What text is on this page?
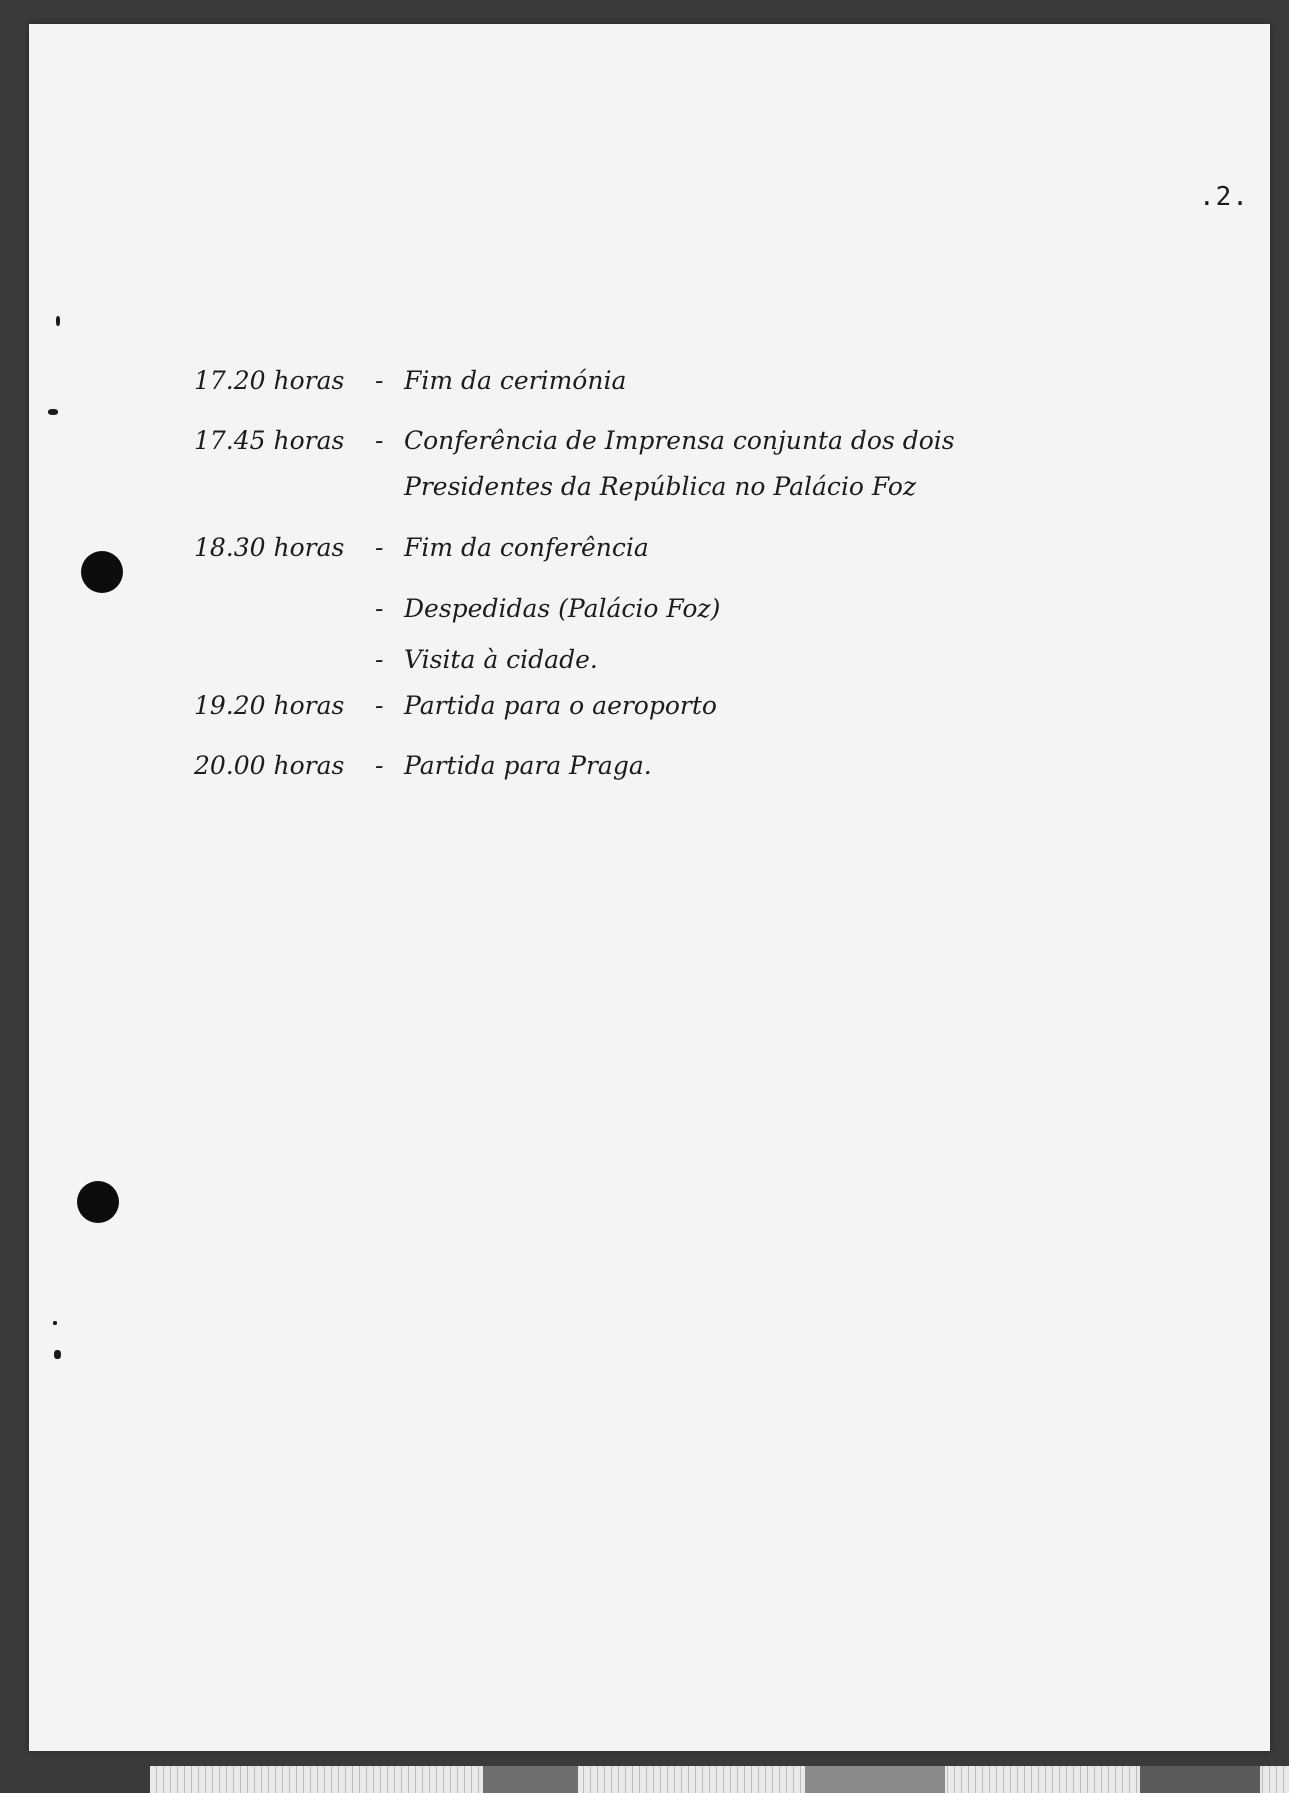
.2.
17.20 horas	- Fim da cerimónia
17.45 horas	- Conferência de Imprensa conjunta dos dois
Presidentes da República no Palácio Foz
18.30 horas	- Fim da conferência
- Despedidas (Palácio Foz)
- Visita à cidade.
19.20 horas	- Partida para o aeroporto
20.00 horas	- Partida para Praga.
